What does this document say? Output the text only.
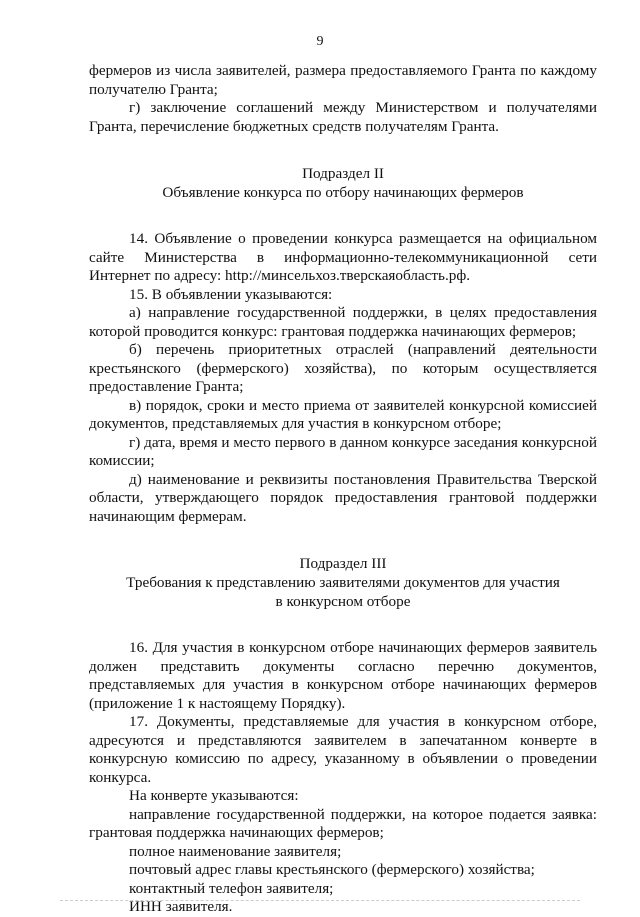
9

фермеров из числа заявителей, размера предоставляемого Гранта по каждому получателю Гранта;

г) заключение соглашений между Министерством и получателями Гранта, перечисление бюджетных средств получателям Гранта.

Подраздел II

Объявление конкурса по отбору начинающих фермеров

14. Объявление о проведении конкурса размещается на официальном сайте Министерства в информационно-телекоммуникационной сети Интернет по адресу: http://минсельхоз.тверскаяобласть.рф.

15. В объявлении указываются:

а) направление государственной поддержки, в целях предоставления которой проводится конкурс: грантовая поддержка начинающих фермеров;

б) перечень приоритетных отраслей (направлений деятельности крестьянского (фермерского) хозяйства), по которым осуществляется предоставление Гранта;

в) порядок, сроки и место приема от заявителей конкурсной комиссией документов, представляемых для участия в конкурсном отборе;

г) дата, время и место первого в данном конкурсе заседания конкурсной комиссии;

д) наименование и реквизиты постановления Правительства Тверской области, утверждающего порядок предоставления грантовой поддержки начинающим фермерам.

Подраздел III

Требования к представлению заявителями документов для участия

в конкурсном отборе

16. Для участия в конкурсном отборе начинающих фермеров заявитель должен представить документы согласно перечню документов, представляемых для участия в конкурсном отборе начинающих фермеров (приложение 1 к настоящему Порядку).

17. Документы, представляемые для участия в конкурсном отборе, адресуются и представляются заявителем в запечатанном конверте в конкурсную комиссию по адресу, указанному в объявлении о проведении конкурса.

На конверте указываются:

направление государственной поддержки, на которое подается заявка: грантовая поддержка начинающих фермеров;

полное наименование заявителя;

почтовый адрес главы крестьянского (фермерского) хозяйства;

контактный телефон заявителя;

ИНН заявителя.
